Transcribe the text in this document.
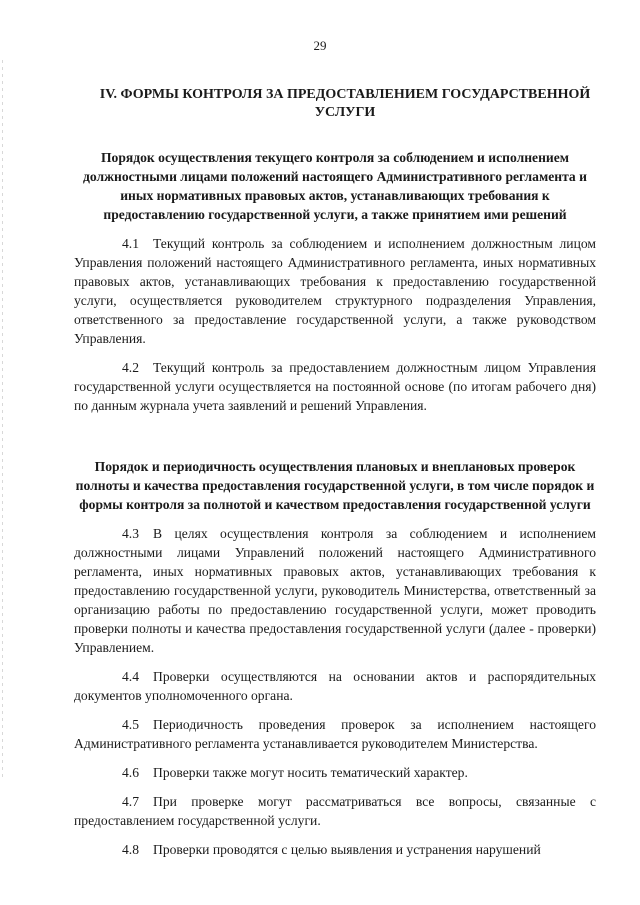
29

IV. ФОРМЫ КОНТРОЛЯ ЗА ПРЕДОСТАВЛЕНИЕМ ГОСУДАРСТВЕННОЙ УСЛУГИ

Порядок осуществления текущего контроля за соблюдением и исполнением должностными лицами положений настоящего Административного регламента и иных нормативных правовых актов, устанавливающих требования к предоставлению государственной услуги, а также принятием ими решений

4.1 Текущий контроль за соблюдением и исполнением должностным лицом Управления положений настоящего Административного регламента, иных нормативных правовых актов, устанавливающих требования к предоставлению государственной услуги, осуществляется руководителем структурного подразделения Управления, ответственного за предоставление государственной услуги, а также руководством Управления.

4.2 Текущий контроль за предоставлением должностным лицом Управления государственной услуги осуществляется на постоянной основе (по итогам рабочего дня) по данным журнала учета заявлений и решений Управления.

Порядок и периодичность осуществления плановых и внеплановых проверок полноты и качества предоставления государственной услуги, в том числе порядок и формы контроля за полнотой и качеством предоставления государственной услуги

4.3 В целях осуществления контроля за соблюдением и исполнением должностными лицами Управлений положений настоящего Административного регламента, иных нормативных правовых актов, устанавливающих требования к предоставлению государственной услуги, руководитель Министерства, ответственный за организацию работы по предоставлению государственной услуги, может проводить проверки полноты и качества предоставления государственной услуги (далее - проверки) Управлением.

4.4 Проверки осуществляются на основании актов и распорядительных документов уполномоченного органа.

4.5 Периодичность проведения проверок за исполнением настоящего Административного регламента устанавливается руководителем Министерства.

4.6 Проверки также могут носить тематический характер.

4.7 При проверке могут рассматриваться все вопросы, связанные с предоставлением государственной услуги.

4.8 Проверки проводятся с целью выявления и устранения нарушений
